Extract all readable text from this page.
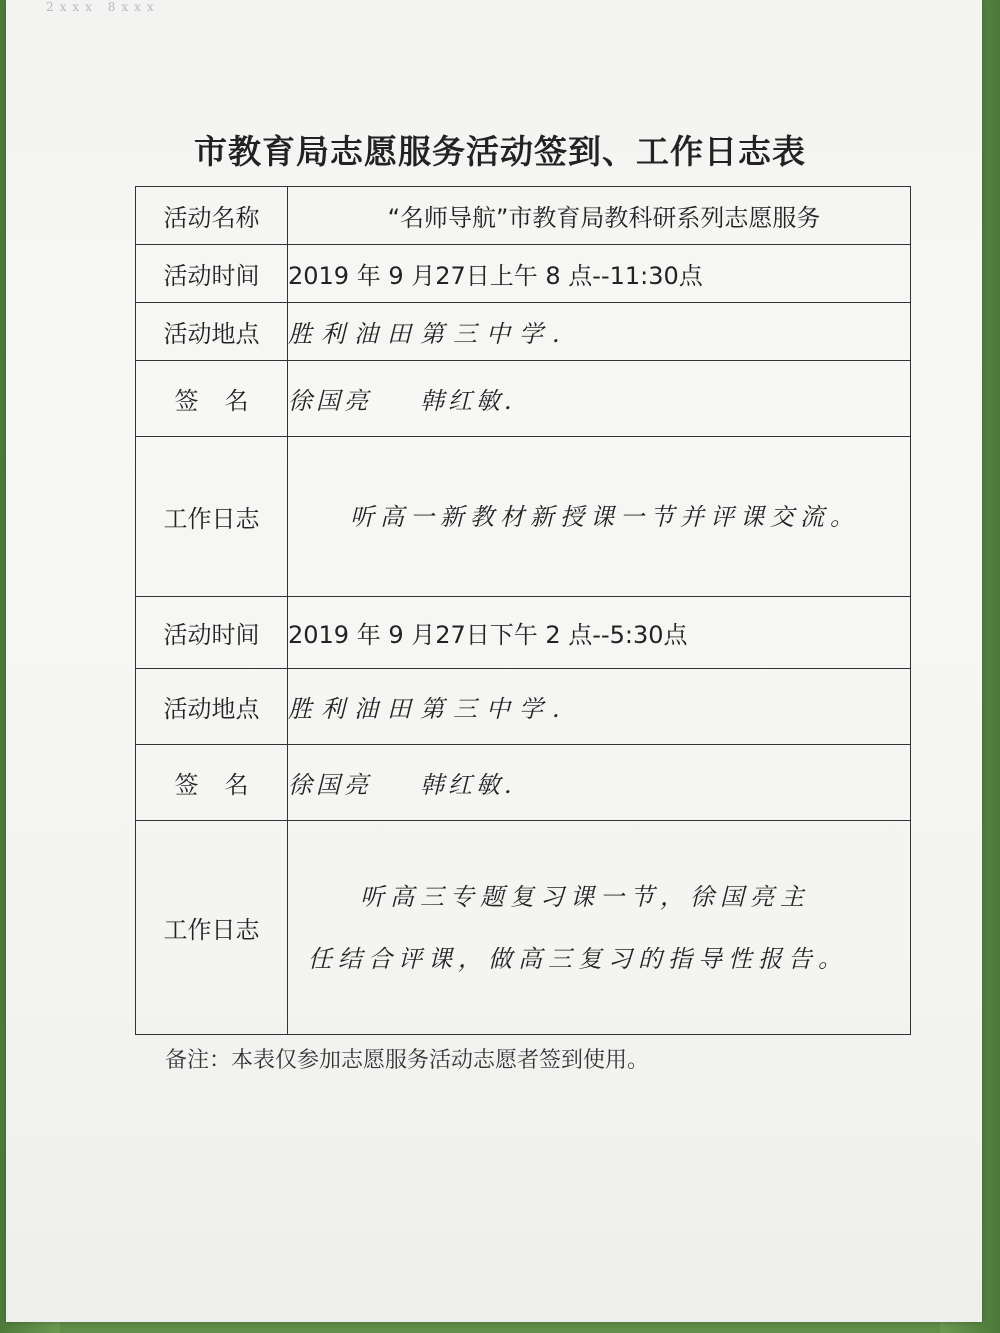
2xxx 8xxx
市教育局志愿服务活动签到、工作日志表
活动名称	“名师导航”市教育局教科研系列志愿服务

活动时间	2019 年 9 月27日上午 8 点--11:30点
活动地点	胜利油田第三中学.
签名	徐国亮 韩红敏.
工作日志	听高一新教材新授课一节并评课交流。
活动时间	2019 年 9 月27日下午 2 点--5:30点
活动地点	胜利油田第三中学.
签名	徐国亮 韩红敏.
工作日志	听高三专题复习课一节，徐国亮主
任结合评课，做高三复习的指导性报告。
备注：本表仅参加志愿服务活动志愿者签到使用。
